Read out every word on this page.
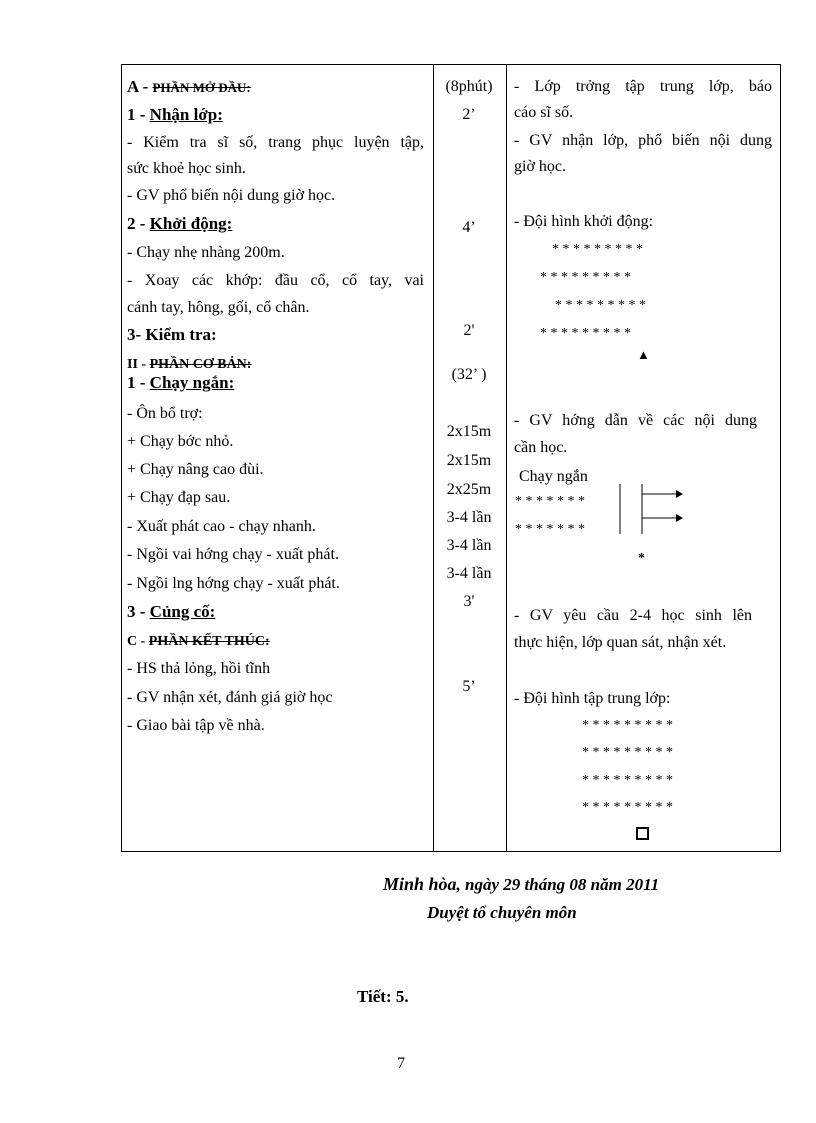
A - PHẦN MỞ ĐẦU:
1 - Nhận lớp:
- Kiểm tra sĩ số, trang phục luyện tập,
sức khoẻ học sinh.
- GV phổ biến nội dung giờ học.
2 - Khởi động:
- Chạy nhẹ nhàng 200m.
- Xoay các khớp: đầu cổ, cổ tay, vai
cánh tay, hông, gối, cổ chân.
3- Kiểm tra:
II - PHẦN CƠ BẢN:
1 - Chạy ngắn:
- Ôn bổ trợ:
+ Chạy bớc nhỏ.
+ Chạy nâng cao đùi.
+ Chạy đạp sau.
- Xuất phát cao - chạy nhanh.
- Ngồi vai hớng chạy - xuất phát.
- Ngồi lng hớng chạy - xuất phát.
3 - Củng cố:
C - PHẦN KẾT THÚC:
- HS thả lỏng, hồi tĩnh
- GV nhận xét, đánh giá giờ học
- Giao bài tập về nhà.
(8phút)
2’
4’
2'
(32’ )
2x15m
2x15m
2x25m
3-4 lần
3-4 lần
3-4 lần
3'
5’
- Lớp trởng tập trung lớp, báo
cáo sĩ số.
- GV nhận lớp, phổ biến nội dung
giờ học.
- Đội hình khởi động:
* * * * * * * * *
* * * * * * * * *
* * * * * * * * *
* * * * * * * * *
▲
- GV hớng dẫn về các nội dung
cần học.
Chạy ngắn
* * * * * * *
* * * * * * *
*
- GV yêu cầu 2-4 học sinh lên
thực hiện, lớp quan sát, nhận xét.
- Đội hình tập trung lớp:
* * * * * * * * *
* * * * * * * * *
* * * * * * * * *
* * * * * * * * *
Minh hòa, ngày 29 tháng 08 năm 2011
Duyệt tổ chuyên môn
Tiết: 5.
7
